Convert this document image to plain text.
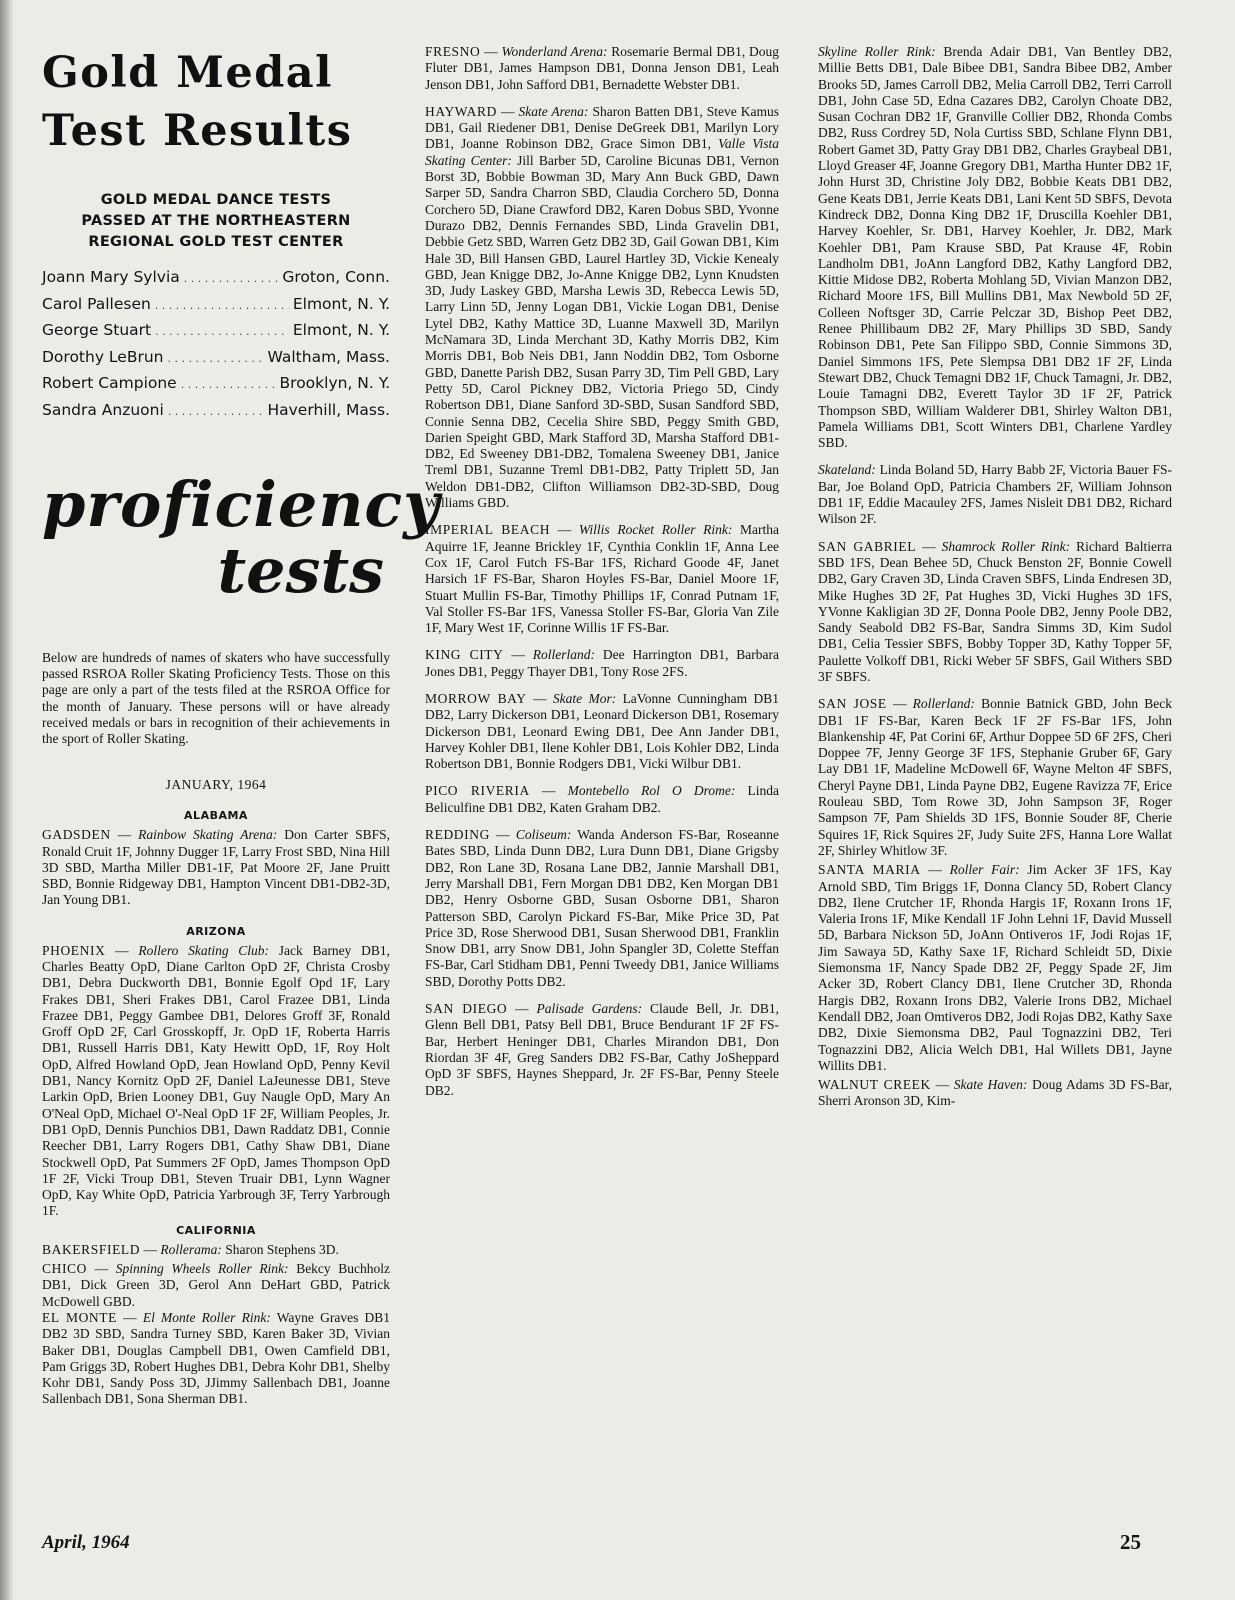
Gold Medal
Test Results
GOLD MEDAL DANCE TESTS
PASSED AT THE NORTHEASTERN
REGIONAL GOLD TEST CENTER
Joann Mary Sylvia . . .	Groton, Conn.
Carol Pallesen . . .	Elmont, N. Y.
George Stuart . . .	Elmont, N. Y.
Dorothy LeBrun . . .	Waltham, Mass.
Robert Campione . . .	Brooklyn, N. Y.
Sandra Anzuoni . . .	Haverhill, Mass.
proficiency
tests

Below are hundreds of names of skaters who have successfully passed RSROA Roller Skating Proficiency Tests. Those on this page are only a part of the tests filed at the RSROA Office for the month of January. These persons will or have already received medals or bars in recognition of their achievements in the sport of Roller Skating.

JANUARY, 1964
ALABAMA

GADSDEN — Rainbow Skating Arena: Don Carter SBFS, Ronald Cruit 1F, Johnny Dugger 1F, Larry Frost SBD, Nina Hill 3D SBD, Martha Miller DB1-1F, Pat Moore 2F, Jane Pruitt SBD, Bonnie Ridgeway DB1, Hampton Vincent DB1-DB2-3D, Jan Young DB1.

ARIZONA

PHOENIX — Rollero Skating Club: Jack Barney DB1, Charles Beatty OpD, Diane Carlton OpD 2F, Christa Crosby DB1, Debra Duckworth DB1, Bonnie Egolf Opd 1F, Lary Frakes DB1, Sheri Frakes DB1, Carol Frazee DB1, Linda Frazee DB1, Peggy Gambee DB1, Delores Groff 3F, Ronald Groff OpD 2F, Carl Grosskopff, Jr. OpD 1F, Roberta Harris DB1, Russell Harris DB1, Katy Hewitt OpD, 1F, Roy Holt OpD, Alfred Howland OpD, Jean Howland OpD, Penny Kevil DB1, Nancy Kornitz OpD 2F, Daniel LaJeunesse DB1, Steve Larkin OpD, Brien Looney DB1, Guy Naugle OpD, Mary An O'Neal OpD, Michael O'-Neal OpD 1F 2F, William Peoples, Jr. DB1 OpD, Dennis Punchios DB1, Dawn Raddatz DB1, Connie Reecher DB1, Larry Rogers DB1, Cathy Shaw DB1, Diane Stockwell OpD, Pat Summers 2F OpD, James Thompson OpD 1F 2F, Vicki Troup DB1, Steven Truair DB1, Lynn Wagner OpD, Kay White OpD, Patricia Yarbrough 3F, Terry Yarbrough 1F.

CALIFORNIA

BAKERSFIELD — Rollerama: Sharon Stephens 3D.

CHICO — Spinning Wheels Roller Rink: Bekcy Buchholz DB1, Dick Green 3D, Gerol Ann DeHart GBD, Patrick McDowell GBD.

EL MONTE — El Monte Roller Rink: Wayne Graves DB1 DB2 3D SBD, Sandra Turney SBD, Karen Baker 3D, Vivian Baker DB1, Douglas Campbell DB1, Owen Camfield DB1, Pam Griggs 3D, Robert Hughes DB1, Debra Kohr DB1, Shelby Kohr DB1, Sandy Poss 3D, JJimmy Sallenbach DB1, Joanne Sallenbach DB1, Sona Sherman DB1.

FRESNO — Wonderland Arena: Rosemarie Bermal DB1, Doug Fluter DB1, James Hampson DB1, Donna Jenson DB1, Leah Jenson DB1, John Safford DB1, Bernadette Webster DB1.

HAYWARD — Skate Arena: Sharon Batten DB1, Steve Kamus DB1, Gail Riedener DB1, Denise DeGreek DB1, Marilyn Lory DB1, Joanne Robinson DB2, Grace Simon DB1, Valle Vista Skating Center: Jill Barber 5D, Caroline Bicunas DB1, Vernon Borst 3D, Bobbie Bowman 3D, Mary Ann Buck GBD, Dawn Sarper 5D, Sandra Charron SBD, Claudia Corchero 5D, Donna Corchero 5D, Diane Crawford DB2, Karen Dobus SBD, Yvonne Durazo DB2, Dennis Fernandes SBD, Linda Gravelin DB1, Debbie Getz SBD, Warren Getz DB2 3D, Gail Gowan DB1, Kim Hale 3D, Bill Hansen GBD, Laurel Hartley 3D, Vickie Kenealy GBD, Jean Knigge DB2, Jo-Anne Knigge DB2, Lynn Knudsten 3D, Judy Laskey GBD, Marsha Lewis 3D, Rebecca Lewis 5D, Larry Linn 5D, Jenny Logan DB1, Vickie Logan DB1, Denise Lytel DB2, Kathy Mattice 3D, Luanne Maxwell 3D, Marilyn McNamara 3D, Linda Merchant 3D, Kathy Morris DB2, Kim Morris DB1, Bob Neis DB1, Jann Noddin DB2, Tom Osborne GBD, Danette Parish DB2, Susan Parry 3D, Tim Pell GBD, Lary Petty 5D, Carol Pickney DB2, Victoria Priego 5D, Cindy Robertson DB1, Diane Sanford 3D-SBD, Susan Sandford SBD, Connie Senna DB2, Cecelia Shire SBD, Peggy Smith GBD, Darien Speight GBD, Mark Stafford 3D, Marsha Stafford DB1-DB2, Ed Sweeney DB1-DB2, Tomalena Sweeney DB1, Janice Treml DB1, Suzanne Treml DB1-DB2, Patty Triplett 5D, Jan Weldon DB1-DB2, Clifton Williamson DB2-3D-SBD, Doug Williams GBD.

IMPERIAL BEACH — Willis Rocket Roller Rink: Martha Aquirre 1F, Jeanne Brickley 1F, Cynthia Conklin 1F, Anna Lee Cox 1F, Carol Futch FS-Bar 1FS, Richard Goode 4F, Janet Harsich 1F FS-Bar, Sharon Hoyles FS-Bar, Daniel Moore 1F, Stuart Mullin FS-Bar, Timothy Phillips 1F, Conrad Putnam 1F, Val Stoller FS-Bar 1FS, Vanessa Stoller FS-Bar, Gloria Van Zile 1F, Mary West 1F, Corinne Willis 1F FS-Bar.

KING CITY — Rollerland: Dee Harrington DB1, Barbara Jones DB1, Peggy Thayer DB1, Tony Rose 2FS.

MORROW BAY — Skate Mor: LaVonne Cunningham DB1 DB2, Larry Dickerson DB1, Leonard Dickerson DB1, Rosemary Dickerson DB1, Leonard Ewing DB1, Dee Ann Jander DB1, Harvey Kohler DB1, Ilene Kohler DB1, Lois Kohler DB2, Linda Robertson DB1, Bonnie Rodgers DB1, Vicki Wilbur DB1.

PICO RIVERIA — Montebello Rol O Drome: Linda Beliculfine DB1 DB2, Katen Graham DB2.

REDDING — Coliseum: Wanda Anderson FS-Bar, Roseanne Bates SBD, Linda Dunn DB2, Lura Dunn DB1, Diane Grigsby DB2, Ron Lane 3D, Rosana Lane DB2, Jannie Marshall DB1, Jerry Marshall DB1, Fern Morgan DB1 DB2, Ken Morgan DB1 DB2, Henry Osborne GBD, Susan Osborne DB1, Sharon Patterson SBD, Carolyn Pickard FS-Bar, Mike Price 3D, Pat Price 3D, Rose Sherwood DB1, Susan Sherwood DB1, Franklin Snow DB1, arry Snow DB1, John Spangler 3D, Colette Steffan FS-Bar, Carl Stidham DB1, Penni Tweedy DB1, Janice Williams SBD, Dorothy Potts DB2.

SAN DIEGO — Palisade Gardens: Claude Bell, Jr. DB1, Glenn Bell DB1, Patsy Bell DB1, Bruce Bendurant 1F 2F FS-Bar, Herbert Heninger DB1, Charles Mirandon DB1, Don Riordan 3F 4F, Greg Sanders DB2 FS-Bar, Cathy JoSheppard OpD 3F SBFS, Haynes Sheppard, Jr. 2F FS-Bar, Penny Steele DB2.

Skyline Roller Rink: Brenda Adair DB1, Van Bentley DB2, Millie Betts DB1, Dale Bibee DB1, Sandra Bibee DB2, Amber Brooks 5D, James Carroll DB2, Melia Carroll DB2, Terri Carroll DB1, John Case 5D, Edna Cazares DB2, Carolyn Choate DB2, Susan Cochran DB2 1F, Granville Collier DB2, Rhonda Combs DB2, Russ Cordrey 5D, Nola Curtiss SBD, Schlane Flynn DB1, Robert Gamet 3D, Patty Gray DB1 DB2, Charles Graybeal DB1, Lloyd Greaser 4F, Joanne Gregory DB1, Martha Hunter DB2 1F, John Hurst 3D, Christine Joly DB2, Bobbie Keats DB1 DB2, Gene Keats DB1, Jerrie Keats DB1, Lani Kent 5D SBFS, Devota Kindreck DB2, Donna King DB2 1F, Druscilla Koehler DB1, Harvey Koehler, Sr. DB1, Harvey Koehler, Jr. DB2, Mark Koehler DB1, Pam Krause SBD, Pat Krause 4F, Robin Landholm DB1, JoAnn Langford DB2, Kathy Langford DB2, Kittie Midose DB2, Roberta Mohlang 5D, Vivian Manzon DB2, Richard Moore 1FS, Bill Mullins DB1, Max Newbold 5D 2F, Colleen Noftsger 3D, Carrie Pelczar 3D, Bishop Peet DB2, Renee Phillibaum DB2 2F, Mary Phillips 3D SBD, Sandy Robinson DB1, Pete San Filippo SBD, Connie Simmons 3D, Daniel Simmons 1FS, Pete Slempsa DB1 DB2 1F 2F, Linda Stewart DB2, Chuck Temagni DB2 1F, Chuck Tamagni, Jr. DB2, Louie Tamagni DB2, Everett Taylor 3D 1F 2F, Patrick Thompson SBD, William Walderer DB1, Shirley Walton DB1, Pamela Williams DB1, Scott Winters DB1, Charlene Yardley SBD.

Skateland: Linda Boland 5D, Harry Babb 2F, Victoria Bauer FS-Bar, Joe Boland OpD, Patricia Chambers 2F, William Johnson DB1 1F, Eddie Macauley 2FS, James Nisleit DB1 DB2, Richard Wilson 2F.

SAN GABRIEL — Shamrock Roller Rink: Richard Baltierra SBD 1FS, Dean Behee 5D, Chuck Benston 2F, Bonnie Cowell DB2, Gary Craven 3D, Linda Craven SBFS, Linda Endresen 3D, Mike Hughes 3D 2F, Pat Hughes 3D, Vicki Hughes 3D 1FS, YVonne Kakligian 3D 2F, Donna Poole DB2, Jenny Poole DB2, Sandy Seabold DB2 FS-Bar, Sandra Simms 3D, Kim Sudol DB1, Celia Tessier SBFS, Bobby Topper 3D, Kathy Topper 5F, Paulette Volkoff DB1, Ricki Weber 5F SBFS, Gail Withers SBD 3F SBFS.

SAN JOSE — Rollerland: Bonnie Batnick GBD, John Beck DB1 1F FS-Bar, Karen Beck 1F 2F FS-Bar 1FS, John Blankenship 4F, Pat Corini 6F, Arthur Doppee 5D 6F 2FS, Cheri Doppee 7F, Jenny George 3F 1FS, Stephanie Gruber 6F, Gary Lay DB1 1F, Madeline McDowell 6F, Wayne Melton 4F SBFS, Cheryl Payne DB1, Linda Payne DB2, Eugene Ravizza 7F, Erice Rouleau SBD, Tom Rowe 3D, John Sampson 3F, Roger Sampson 7F, Pam Shields 3D 1FS, Bonnie Souder 8F, Cherie Squires 1F, Rick Squires 2F, Judy Suite 2FS, Hanna Lore Wallat 2F, Shirley Whitlow 3F.

SANTA MARIA — Roller Fair: Jim Acker 3F 1FS, Kay Arnold SBD, Tim Briggs 1F, Donna Clancy 5D, Robert Clancy DB2, Ilene Crutcher 1F, Rhonda Hargis 1F, Roxann Irons 1F, Valeria Irons 1F, Mike Kendall 1F John Lehni 1F, David Mussell 5D, Barbara Nickson 5D, JoAnn Ontiveros 1F, Jodi Rojas 1F, Jim Sawaya 5D, Kathy Saxe 1F, Richard Schleidt 5D, Dixie Siemonsma 1F, Nancy Spade DB2 2F, Peggy Spade 2F, Jim Acker 3D, Robert Clancy DB1, Ilene Crutcher 3D, Rhonda Hargis DB2, Roxann Irons DB2, Valerie Irons DB2, Michael Kendall DB2, Joan Omtiveros DB2, Jodi Rojas DB2, Kathy Saxe DB2, Dixie Siemonsma DB2, Paul Tognazzini DB2, Teri Tognazzini DB2, Alicia Welch DB1, Hal Willets DB1, Jayne Willits DB1.

WALNUT CREEK — Skate Haven: Doug Adams 3D FS-Bar, Sherri Aronson 3D, Kim-

April, 1964	25
